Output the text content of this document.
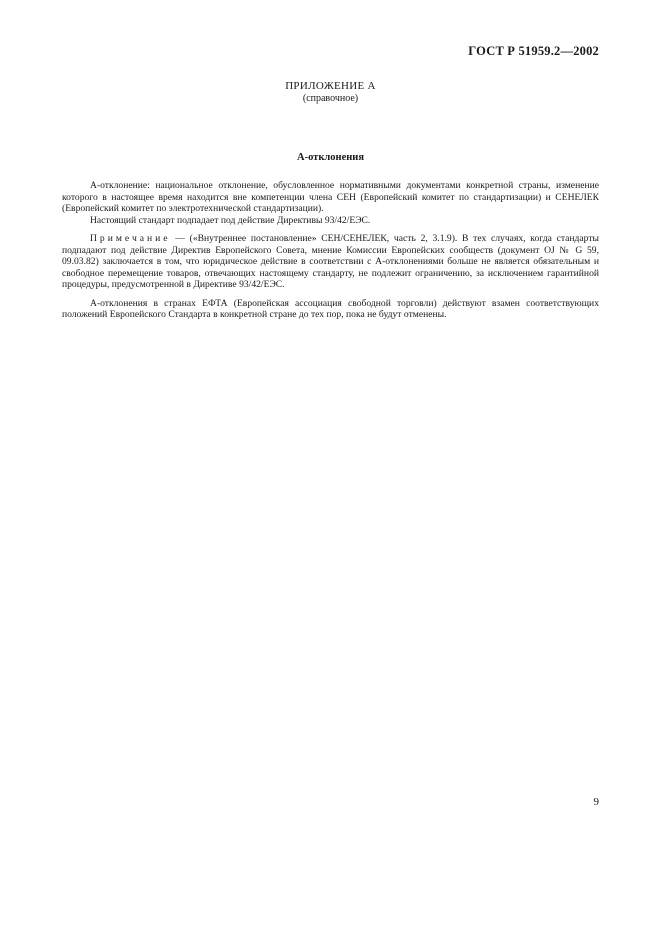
ГОСТ Р 51959.2—2002
ПРИЛОЖЕНИЕ А
(справочное)
А-отклонения

А-отклонение: национальное отклонение, обусловленное нормативными документами конкретной страны, изменение которого в настоящее время находится вне компетенции члена СЕН (Европейский комитет по стандартизации) и СЕНЕЛЕК (Европейский комитет по электротехнической стандартизации).

Настоящий стандарт подпадает под действие Директивы 93/42/ЕЭС.

Примечание — («Внутреннее постановление» СЕН/СЕНЕЛЕК, часть 2, 3.1.9). В тех случаях, когда стандарты подпадают под действие Директив Европейского Совета, мнение Комиссии Европейских сообществ (документ OJ № G 59, 09.03.82) заключается в том, что юридическое действие в соответствии с А-отклонениями больше не является обязательным и свободное перемещение товаров, отвечающих настоящему стандарту, не подлежит ограничению, за исключением гарантийной процедуры, предусмотренной в Директиве 93/42/ЕЭС.

А-отклонения в странах ЕФТА (Европейская ассоциация свободной торговли) действуют взамен соответствующих положений Европейского Стандарта в конкретной стране до тех пор, пока не будут отменены.

9
